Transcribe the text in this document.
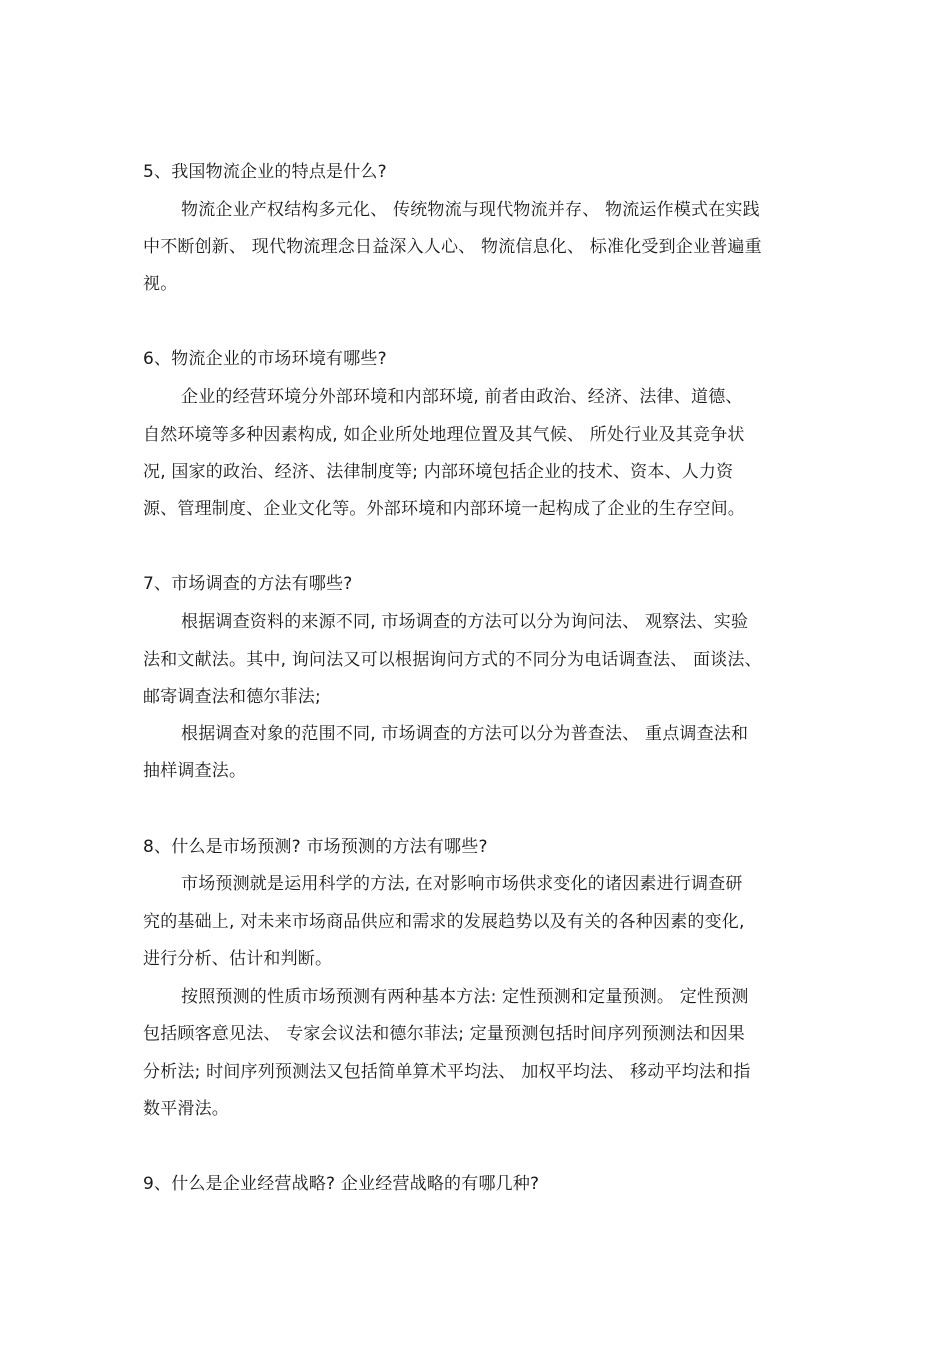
5、我国物流企业的特点是什么?
物流企业产权结构多元化、 传统物流与现代物流并存、 物流运作模式在实践
中不断创新、 现代物流理念日益深入人心、 物流信息化、 标准化受到企业普遍重
视。
6、物流企业的市场环境有哪些?
企业的经营环境分外部环境和内部环境, 前者由政治、经济、法律、道德、
自然环境等多种因素构成, 如企业所处地理位置及其气候、 所处行业及其竞争状
况, 国家的政治、经济、法律制度等; 内部环境包括企业的技术、资本、人力资
源、管理制度、企业文化等。外部环境和内部环境一起构成了企业的生存空间。
7、市场调查的方法有哪些?
根据调查资料的来源不同, 市场调查的方法可以分为询问法、 观察法、实验
法和文献法。其中, 询问法又可以根据询问方式的不同分为电话调查法、 面谈法、
邮寄调查法和德尔菲法;
根据调查对象的范围不同, 市场调查的方法可以分为普查法、 重点调查法和
抽样调查法。
8、什么是市场预测? 市场预测的方法有哪些?
市场预测就是运用科学的方法, 在对影响市场供求变化的诸因素进行调查研
究的基础上, 对未来市场商品供应和需求的发展趋势以及有关的各种因素的变化,
进行分析、估计和判断。
按照预测的性质市场预测有两种基本方法: 定性预测和定量预测。 定性预测
包括顾客意见法、 专家会议法和德尔菲法; 定量预测包括时间序列预测法和因果
分析法; 时间序列预测法又包括简单算术平均法、 加权平均法、 移动平均法和指
数平滑法。
9、什么是企业经营战略? 企业经营战略的有哪几种?
